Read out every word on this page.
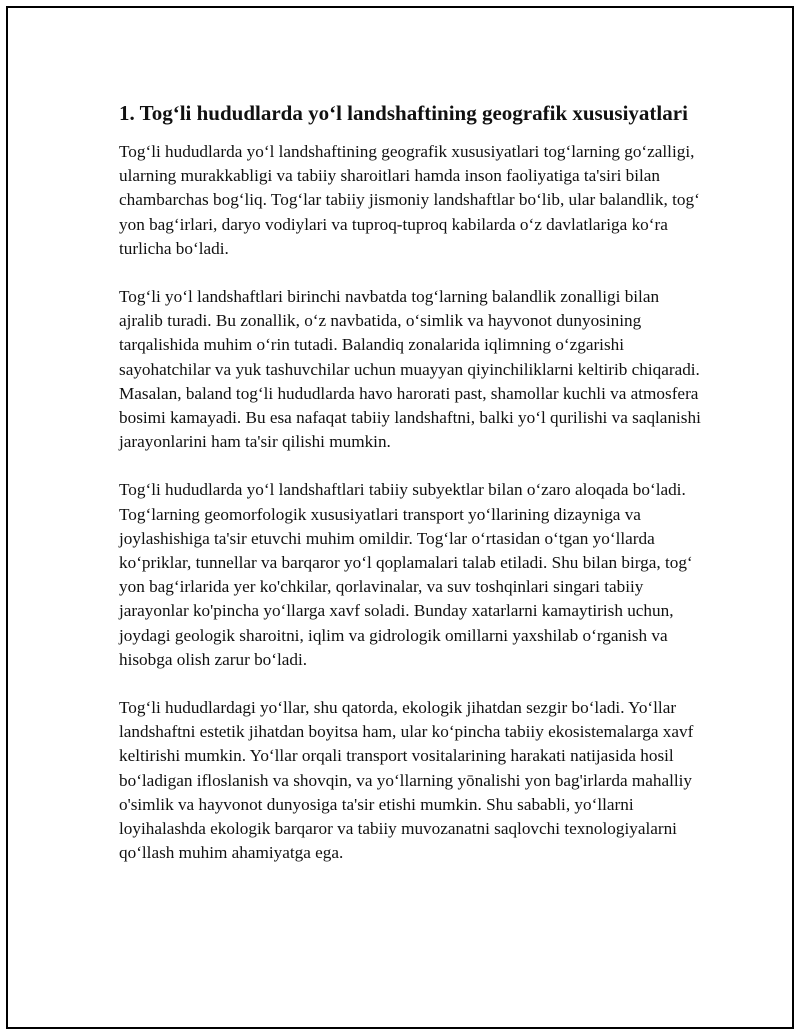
1. Tog‘li hududlarda yo‘l landshaftining geografik xususiyatlari

Tog‘li hududlarda yo‘l landshaftining geografik xususiyatlari tog‘larning go‘zalligi, ularning murakkabligi va tabiiy sharoitlari hamda inson faoliyatiga ta'siri bilan chambarchas bog‘liq. Tog‘lar tabiiy jismoniy landshaftlar bo‘lib, ular balandlik, tog‘ yon bag‘irlari, daryo vodiylari va tuproq-tuproq kabilarda o‘z davlatlariga ko‘ra turlicha bo‘ladi.

Tog‘li yo‘l landshaftlari birinchi navbatda tog‘larning balandlik zonalligi bilan ajralib turadi. Bu zonallik, o‘z navbatida, o‘simlik va hayvonot dunyosining tarqalishida muhim o‘rin tutadi. Balandiq zonalarida iqlimning o‘zgarishi sayohatchilar va yuk tashuvchilar uchun muayyan qiyinchiliklarni keltirib chiqaradi. Masalan, baland tog‘li hududlarda havo harorati past, shamollar kuchli va atmosfera bosimi kamayadi. Bu esa nafaqat tabiiy landshaftni, balki yo‘l qurilishi va saqlanishi jarayonlarini ham ta'sir qilishi mumkin.

Tog‘li hududlarda yo‘l landshaftlari tabiiy subyektlar bilan o‘zaro aloqada bo‘ladi. Tog‘larning geomorfologik xususiyatlari transport yo‘llarining dizayniga va joylashishiga ta'sir etuvchi muhim omildir. Tog‘lar o‘rtasidan o‘tgan yo‘llarda ko‘priklar, tunnellar va barqaror yo‘l qoplamalari talab etiladi. Shu bilan birga, tog‘ yon bag‘irlarida yer ko'chkilar, qorlavinalar, va suv toshqinlari singari tabiiy jarayonlar ko'pincha yo‘llarga xavf soladi. Bunday xatarlarni kamaytirish uchun, joydagi geologik sharoitni, iqlim va gidrologik omillarni yaxshilab o‘rganish va hisobga olish zarur bo‘ladi.

Tog‘li hududlardagi yo‘llar, shu qatorda, ekologik jihatdan sezgir bo‘ladi. Yo‘llar landshaftni estetik jihatdan boyitsa ham, ular ko‘pincha tabiiy ekosistemalarga xavf keltirishi mumkin. Yo‘llar orqali transport vositalarining harakati natijasida hosil bo‘ladigan ifloslanish va shovqin, va yo‘llarning yōnalishi yon bag'irlarda mahalliy o'simlik va hayvonot dunyosiga ta'sir etishi mumkin. Shu sababli, yo‘llarni loyihalashda ekologik barqaror va tabiiy muvozanatni saqlovchi texnologiyalarni qo‘llash muhim ahamiyatga ega.
